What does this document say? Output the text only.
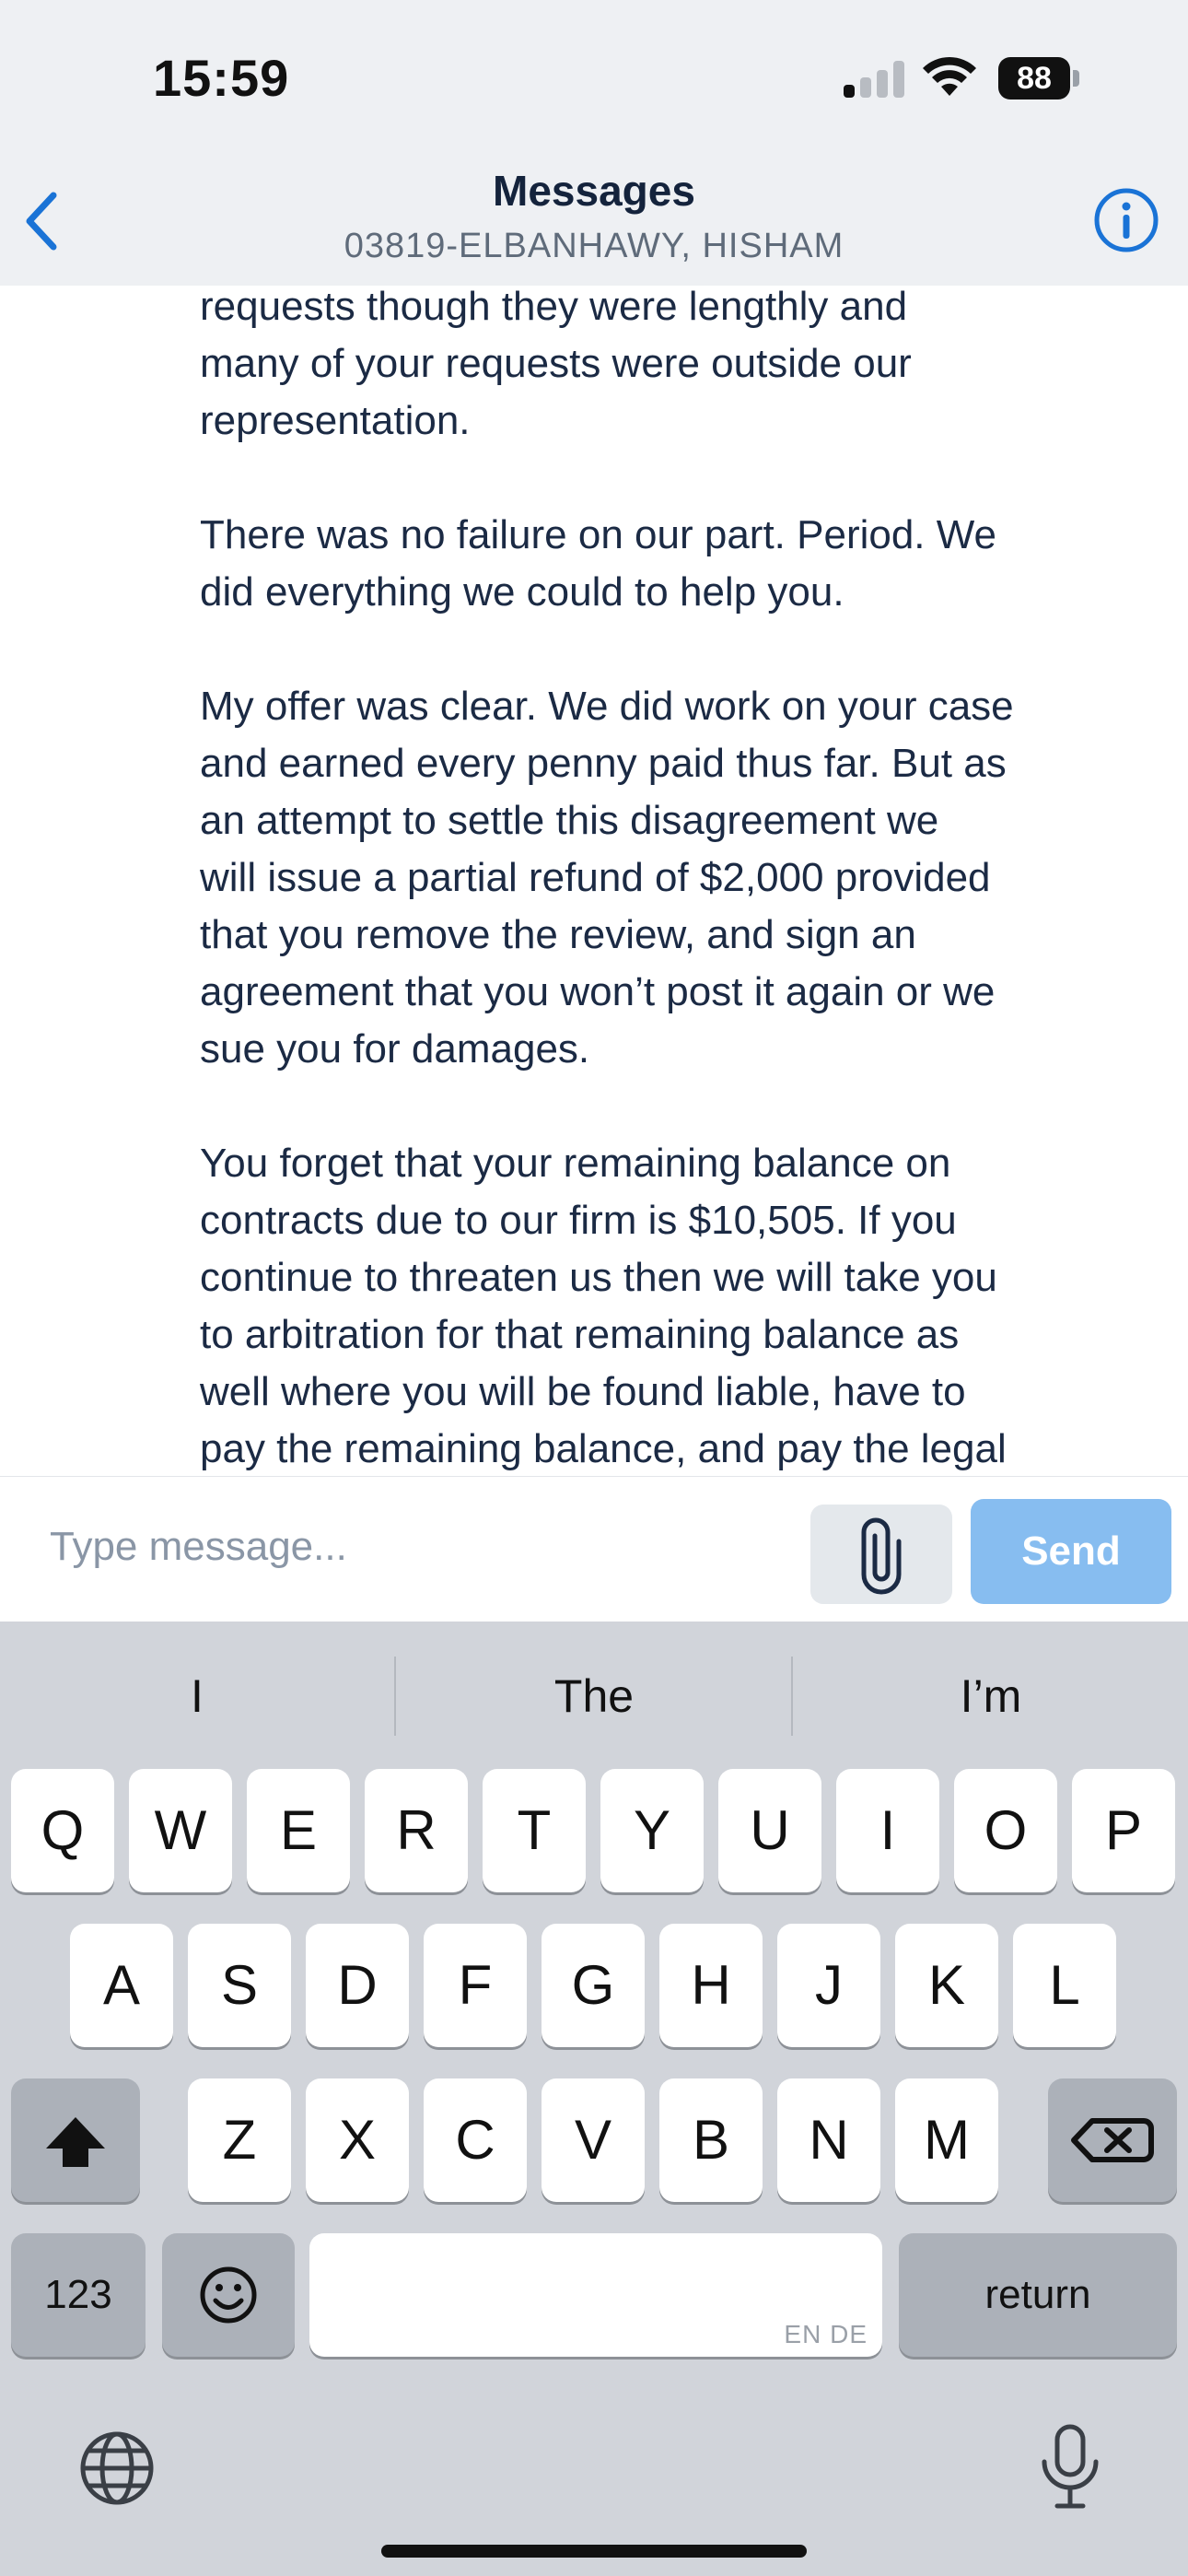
15:59	88
Messages
03819-ELBANHAWY, HISHAM
requests though they were lengthly and
many of your requests were outside our
representation.

There was no failure on our part. Period. We
did everything we could to help you.

My offer was clear. We did work on your case
and earned every penny paid thus far. But as
an attempt to settle this disagreement we
will issue a partial refund of $2,000 provided
that you remove the review, and sign an
agreement that you won’t post it again or we
sue you for damages.

You forget that your remaining balance on
contracts due to our firm is $10,505. If you
continue to threaten us then we will take you
to arbitration for that remaining balance as
well where you will be found liable, have to
pay the remaining balance, and pay the legal
Type message...
Send
I	The	I’m
Q	W	E	R	T	Y	U	I	O	P
A	S	D	F	G	H	J	K	L
Z	X	C	V	B	N	M
123
EN DE
return
